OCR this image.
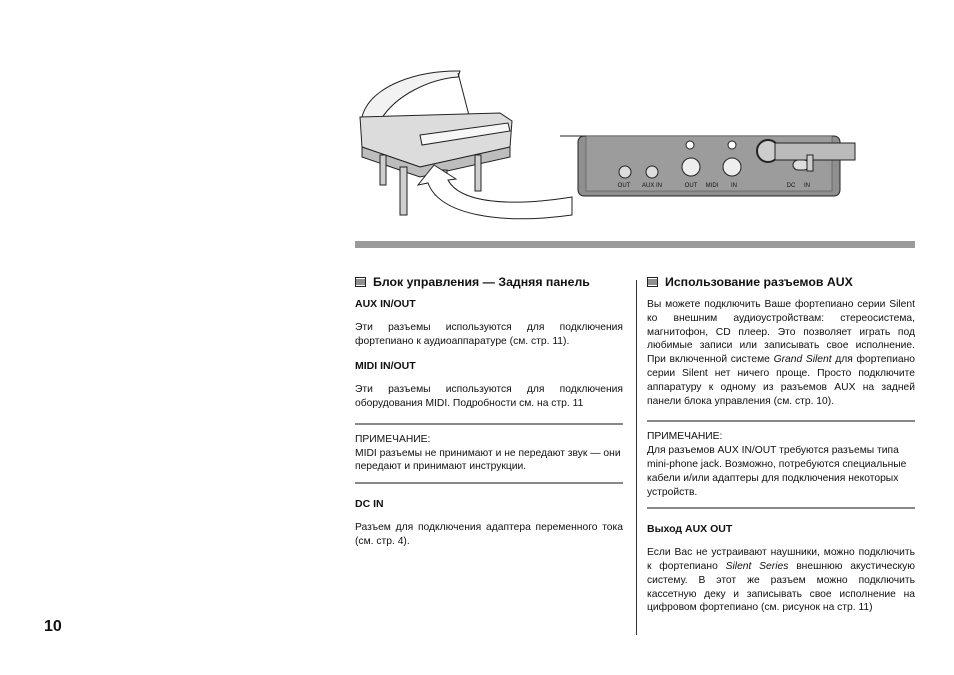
OUT AUX IN	OUT MIDI IN	DC IN
Блок управления — Задняя панель
AUX IN/OUT

Эти разъемы используются для подключения фортепиано к аудиоаппаратуре (см. стр. 11).

MIDI IN/OUT

Эти разъемы используются для подключения оборудования MIDI. Подробности см. на стр. 11

ПРИМЕЧАНИЕ:
MIDI разъемы не принимают и не передают звук — они передают и принимают инструкции.
DC IN

Разъем для подключения адаптера переменного тока (см. стр. 4).

Использование разъемов AUX

Вы можете подключить Ваше фортепиано серии Silent ко внешним аудиоустройствам: стереосистема, магнитофон, CD плеер. Это позволяет играть под любимые записи или записывать свое исполнение. При включенной системе Grand Silent для фортепиано серии Silent нет ничего проще. Просто подключите аппаратуру к одному из разъемов AUX на задней панели блока управления (см. стр. 10).

ПРИМЕЧАНИЕ:
Для разъемов AUX IN/OUT требуются разъемы типа mini-phone jack. Возможно, потребуются специальные кабели и/или адаптеры для подключения некоторых устройств.
Выход AUX OUT

Если Вас не устраивают наушники, можно подключить к фортепиано Silent Series внешнюю акустическую систему. В этот же разъем можно подключить кассетную деку и записывать свое исполнение на цифровом фортепиано (см. рисунок на стр. 11)

10
